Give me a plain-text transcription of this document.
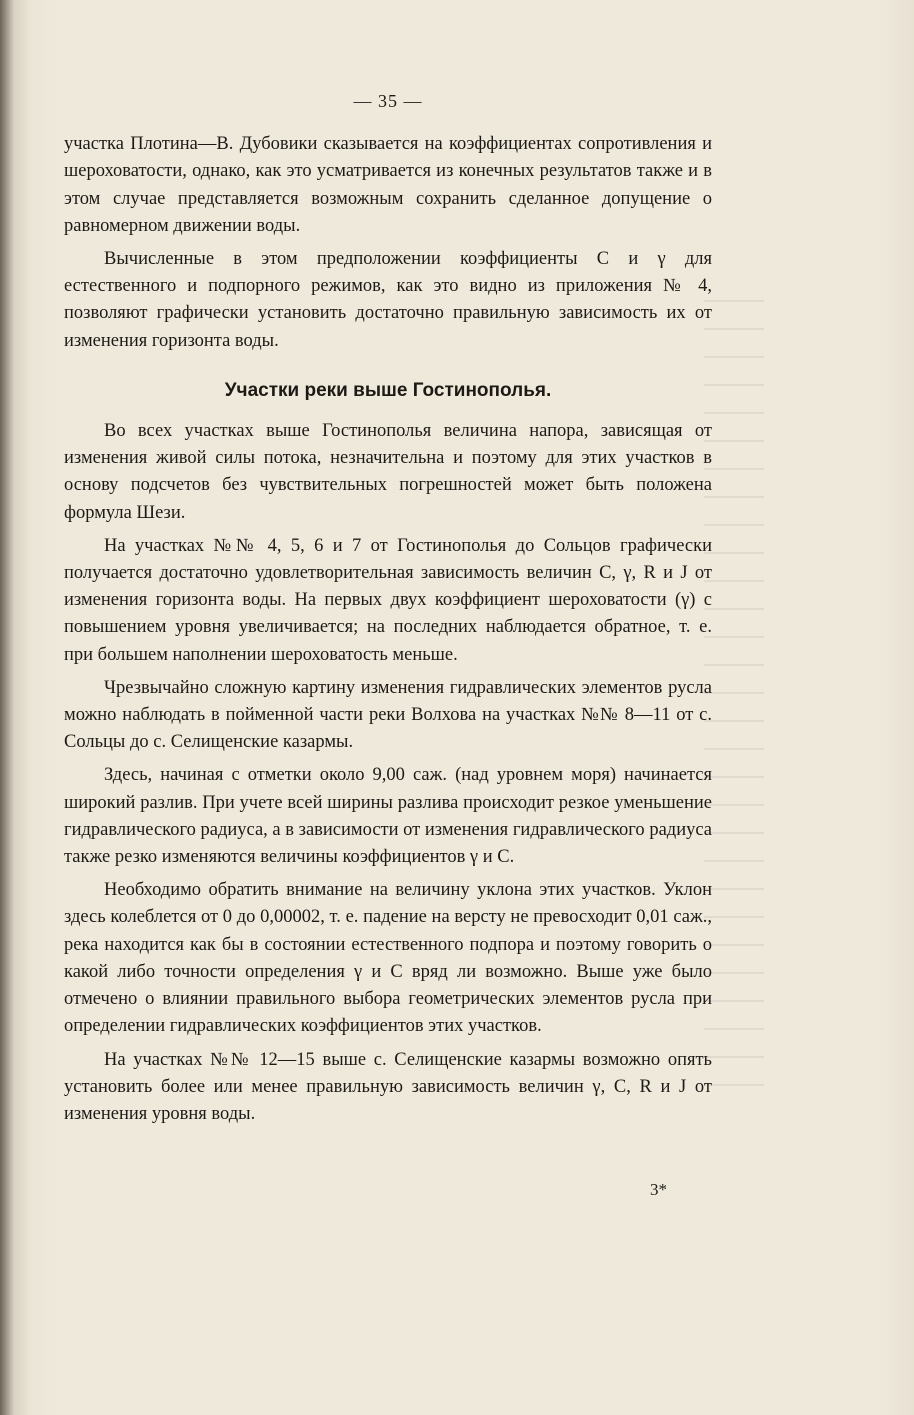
— 35 —

участка Плотина—В. Дубовики сказывается на коэффициентах сопротивления и шероховатости, однако, как это усматривается из конечных результатов также и в этом случае представляется возможным сохранить сделанное допущение о равномерном движении воды.

Вычисленные в этом предположении коэффициенты C и γ для естественного и подпорного режимов, как это видно из приложения № 4, позволяют графически установить достаточно правильную зависимость их от изменения горизонта воды.

Участки реки выше Гостинополья.

Во всех участках выше Гостинополья величина напора, зависящая от изменения живой силы потока, незначительна и поэтому для этих участков в основу подсчетов без чувствительных погрешностей может быть положена формула Шези.

На участках №№ 4, 5, 6 и 7 от Гостинополья до Сольцов графически получается достаточно удовлетворительная зависимость величин C, γ, R и J от изменения горизонта воды. На первых двух коэффициент шероховатости (γ) с повышением уровня увеличивается; на последних наблюдается обратное, т. е. при большем наполнении шероховатость меньше.

Чрезвычайно сложную картину изменения гидравлических элементов русла можно наблюдать в пойменной части реки Волхова на участках №№ 8—11 от с. Сольцы до с. Селищенские казармы.

Здесь, начиная с отметки около 9,00 саж. (над уровнем моря) начинается широкий разлив. При учете всей ширины разлива происходит резкое уменьшение гидравлического радиуса, а в зависимости от изменения гидравлического радиуса также резко изменяются величины коэффициентов γ и C.

Необходимо обратить внимание на величину уклона этих участков. Уклон здесь колеблется от 0 до 0,00002, т. е. падение на версту не превосходит 0,01 саж., река находится как бы в состоянии естественного подпора и поэтому говорить о какой либо точности определения γ и C вряд ли возможно. Выше уже было отмечено о влиянии правильного выбора геометрических элементов русла при определении гидравлических коэффициентов этих участков.

На участках №№ 12—15 выше с. Селищенские казармы возможно опять установить более или менее правильную зависимость величин γ, C, R и J от изменения уровня воды.

3*
